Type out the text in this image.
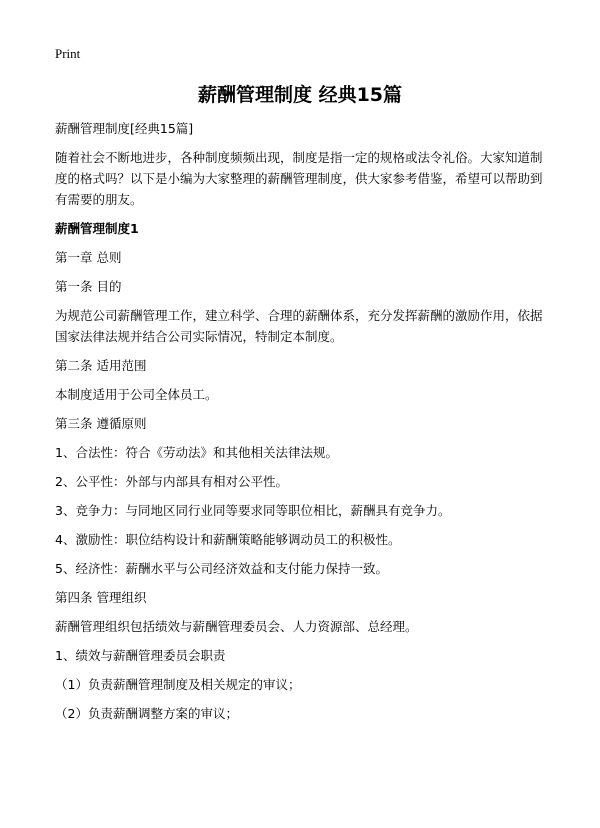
Print
薪酬管理制度 经典15篇

薪酬管理制度[经典15篇]

随着社会不断地进步，各种制度频频出现，制度是指一定的规格或法令礼俗。大家知道制度的格式吗？以下是小编为大家整理的薪酬管理制度，供大家参考借鉴，希望可以帮助到有需要的朋友。

薪酬管理制度1

第一章 总则

第一条 目的

为规范公司薪酬管理工作，建立科学、合理的薪酬体系，充分发挥薪酬的激励作用，依据国家法律法规并结合公司实际情况，特制定本制度。

第二条 适用范围

本制度适用于公司全体员工。

第三条 遵循原则

1、合法性：符合《劳动法》和其他相关法律法规。

2、公平性：外部与内部具有相对公平性。

3、竞争力：与同地区同行业同等要求同等职位相比，薪酬具有竞争力。

4、激励性：职位结构设计和薪酬策略能够调动员工的积极性。

5、经济性：薪酬水平与公司经济效益和支付能力保持一致。

第四条 管理组织

薪酬管理组织包括绩效与薪酬管理委员会、人力资源部、总经理。

1、绩效与薪酬管理委员会职责

（1）负责薪酬管理制度及相关规定的审议；

（2）负责薪酬调整方案的审议；
